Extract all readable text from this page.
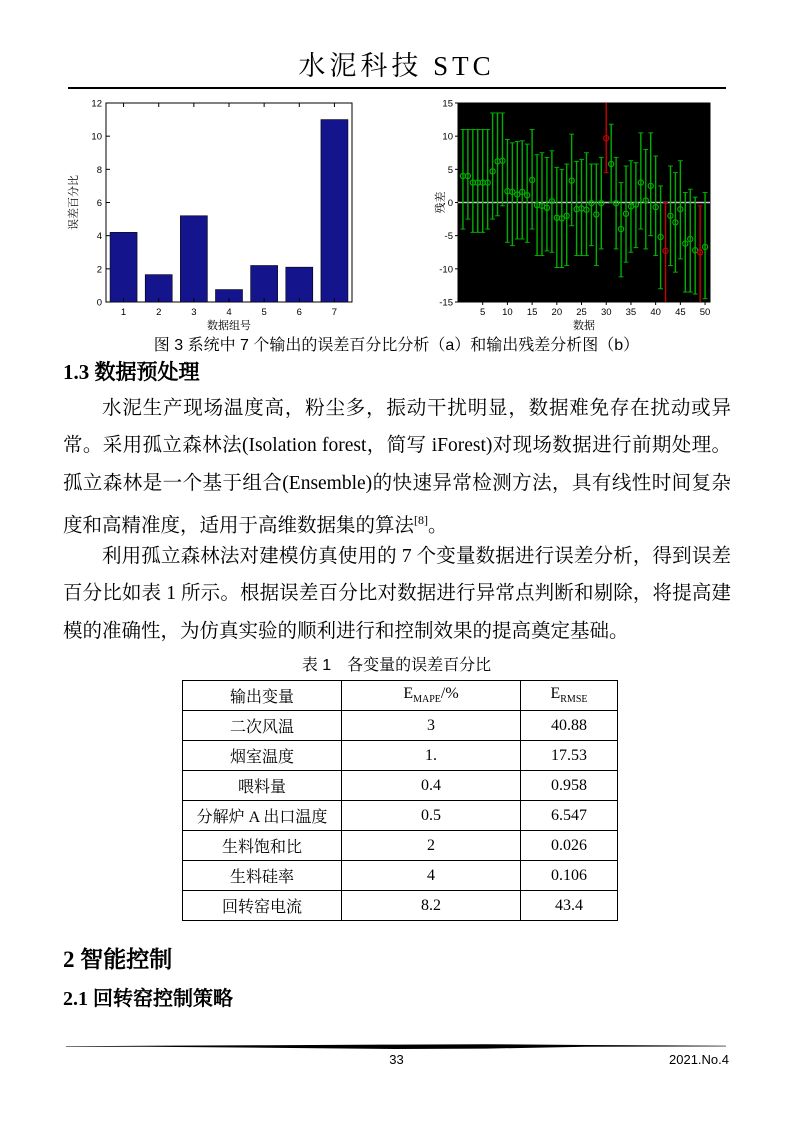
水泥科技 STC
0
2
4
6
8
10
12
1	2	3	4	5	6	7
数据组号
误差百分比
-15
-10
-5
0
5
10
15
5 10 15 20 25 30 35 40 45 50
数据
残差
图 3 系统中 7 个输出的误差百分比分析（a）和输出残差分析图（b）
1.3 数据预处理

水泥生产现场温度高，粉尘多，振动干扰明显，数据难免存在扰动或异常。采用孤立森林法(Isolation forest，简写 iForest)对现场数据进行前期处理。孤立森林是一个基于组合(Ensemble)的快速异常检测方法，具有线性时间复杂度和高精准度，适用于高维数据集的算法[8]。

利用孤立森林法对建模仿真使用的 7 个变量数据进行误差分析，得到误差百分比如表 1 所示。根据误差百分比对数据进行异常点判断和剔除，将提高建模的准确性，为仿真实验的顺利进行和控制效果的提高奠定基础。

表 1　各变量的误差百分比
输出变量	$E_{MAPE}/\%$	$E_{RMSE}$
二次风温	3	40.88
烟室温度	1.	17.53
喂料量	0.4	0.958
分解炉 A 出口温度	0.5	6.547
生料饱和比	2	0.026
生料硅率	4	0.106
回转窑电流	8.2	43.4
2 智能控制
2.1 回转窑控制策略
33	2021.No.4
